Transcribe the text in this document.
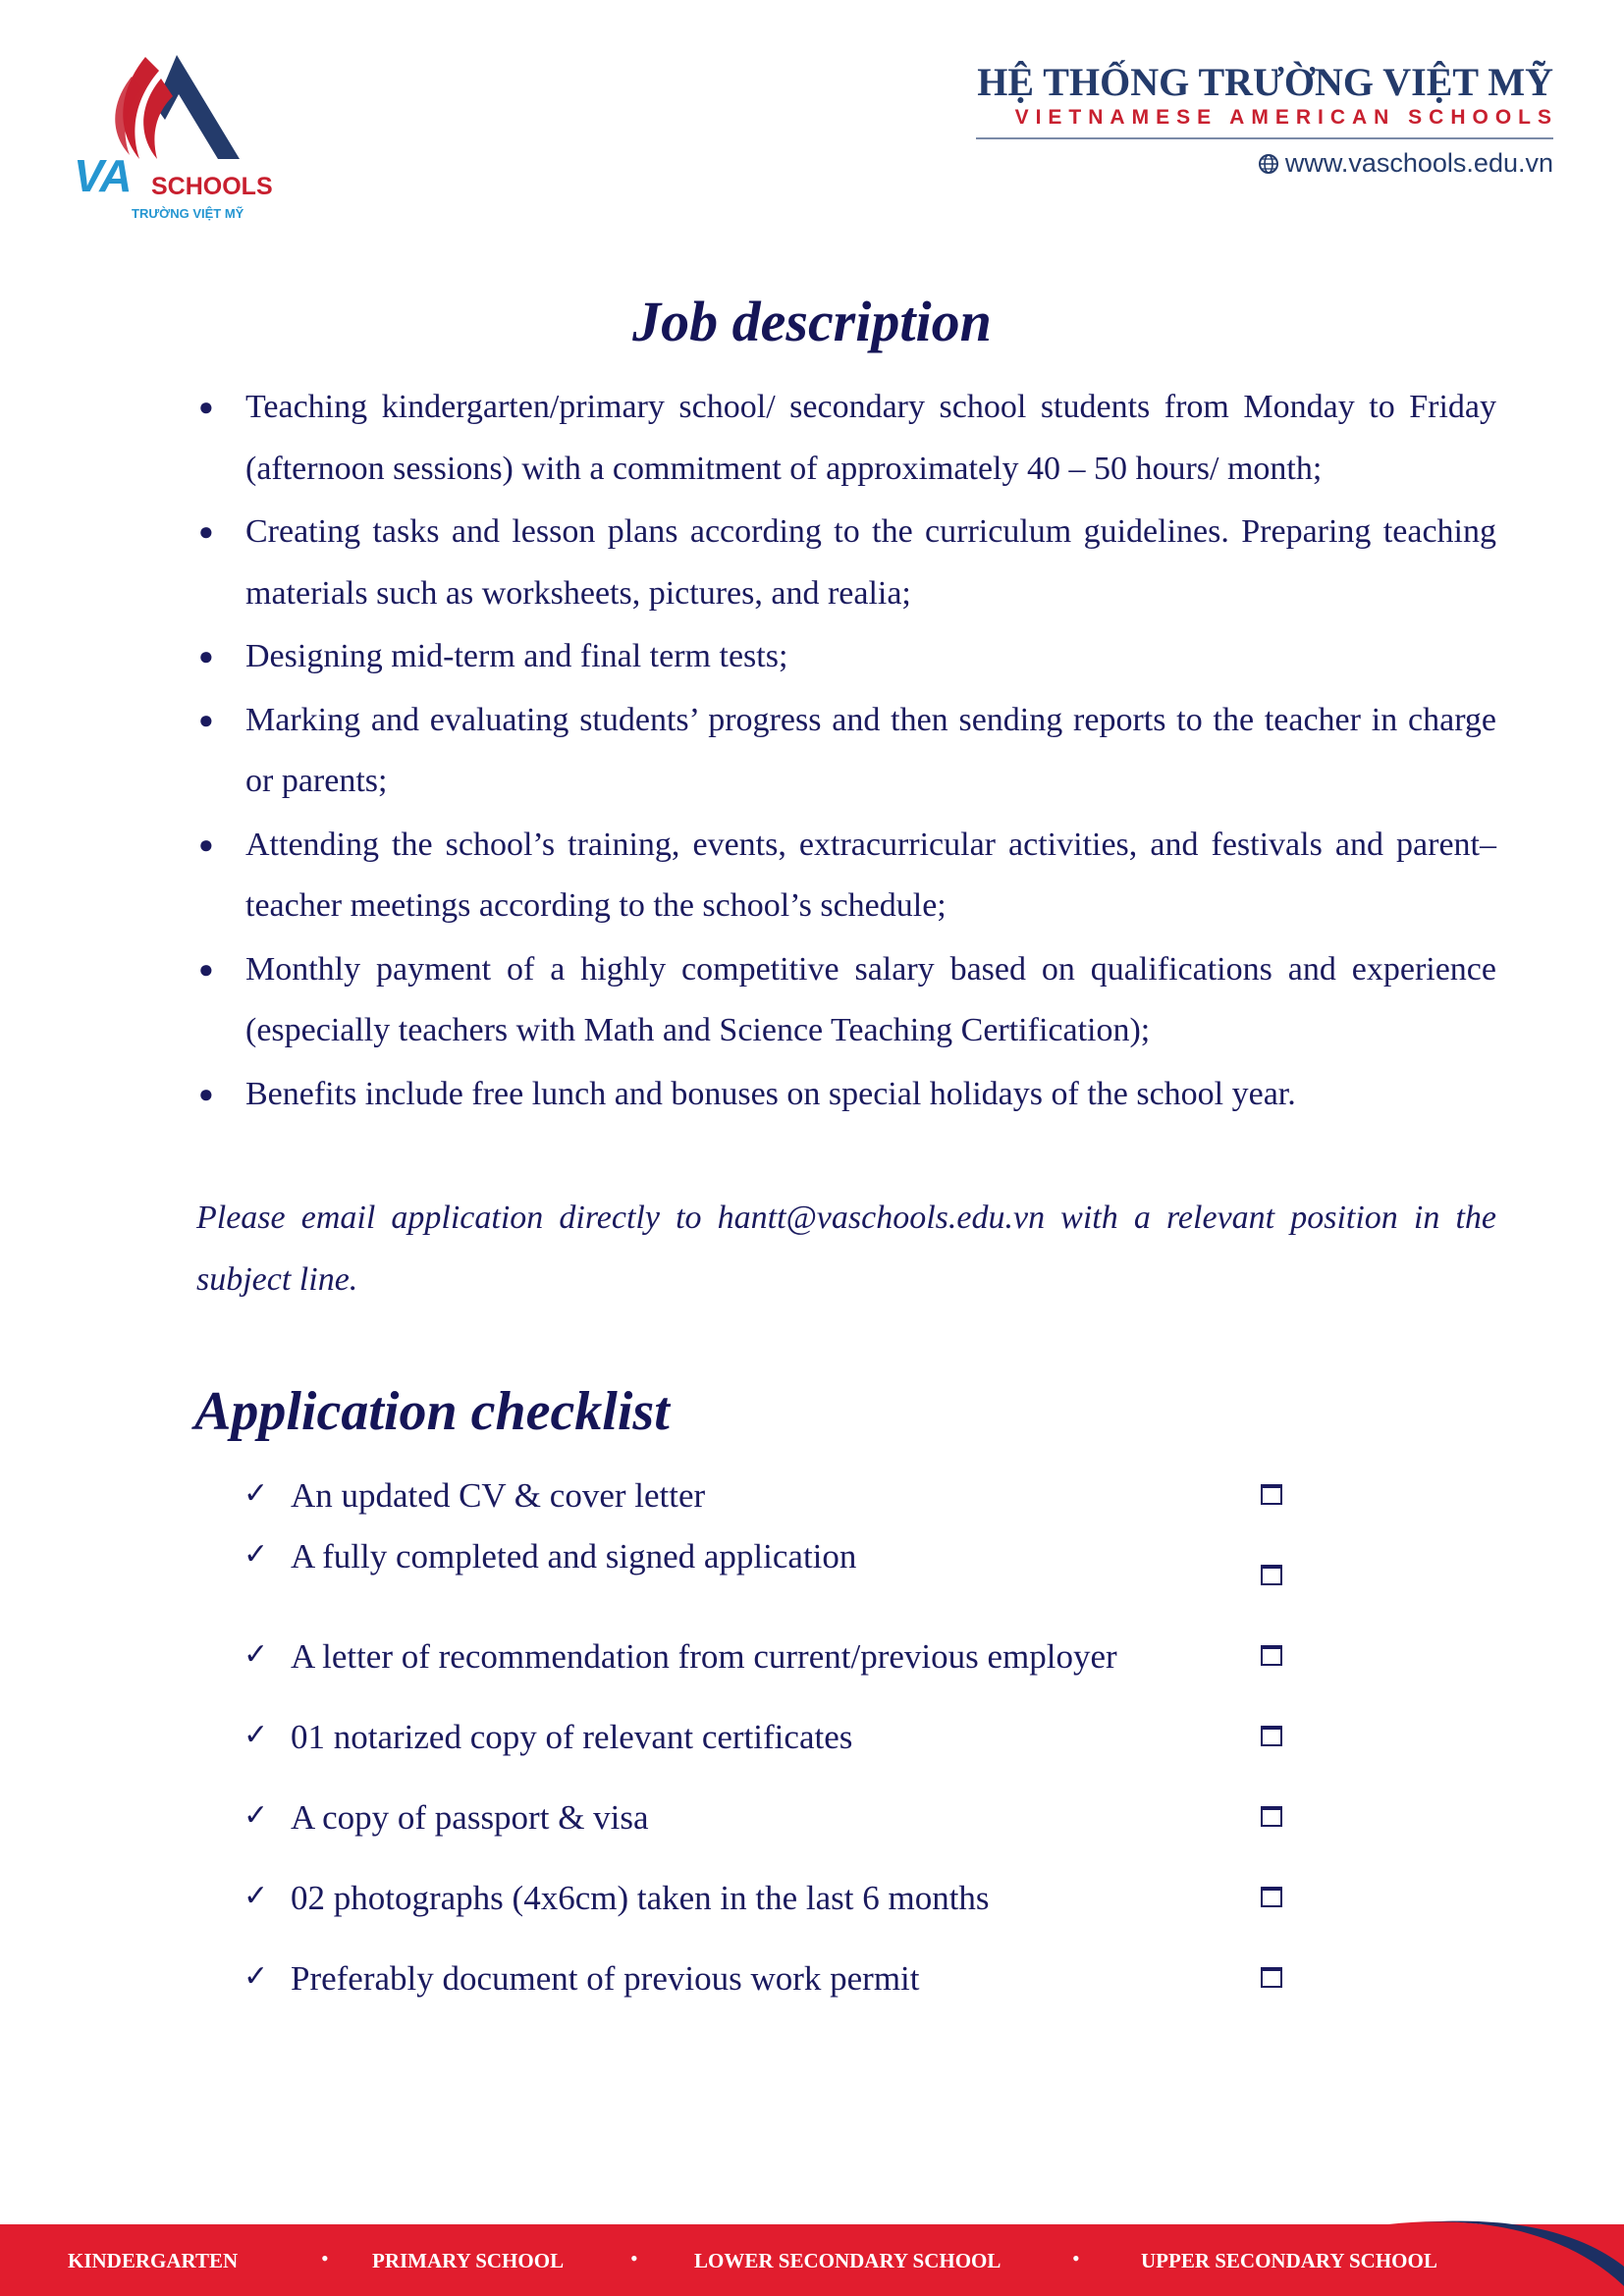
VA SCHOOLS
TRƯỜNG VIỆT MỸ
HỆ THỐNG TRƯỜNG VIỆT MỸ
VIETNAMESE AMERICAN SCHOOLS
www.vaschools.edu.vn
Job description
● Teaching kindergarten/primary school/ secondary school students from Monday to Friday (afternoon sessions) with a commitment of approximately 40 – 50 hours/ month;
● Creating tasks and lesson plans according to the curriculum guidelines. Preparing teaching materials such as worksheets, pictures, and realia;
● Designing mid-term and final term tests;
● Marking and evaluating students’ progress and then sending reports to the teacher in charge or parents;
● Attending the school’s training, events, extracurricular activities, and festivals and parent–teacher meetings according to the school’s schedule;
● Monthly payment of a highly competitive salary based on qualifications and experience (especially teachers with Math and Science Teaching Certification);
● Benefits include free lunch and bonuses on special holidays of the school year.

Please email application directly to hantt@vaschools.edu.vn with a relevant position in the subject line.

Application checklist
✓ An updated CV & cover letter
✓ A fully completed and signed application
✓ A letter of recommendation from current/previous employer
✓ 01 notarized copy of relevant certificates
✓ A copy of passport & visa
✓ 02 photographs (4x6cm) taken in the last 6 months
✓ Preferably document of previous work permit
KINDERGARTEN	• PRIMARY SCHOOL	•	LOWER SECONDARY SCHOOL	•	UPPER SECONDARY SCHOOL
